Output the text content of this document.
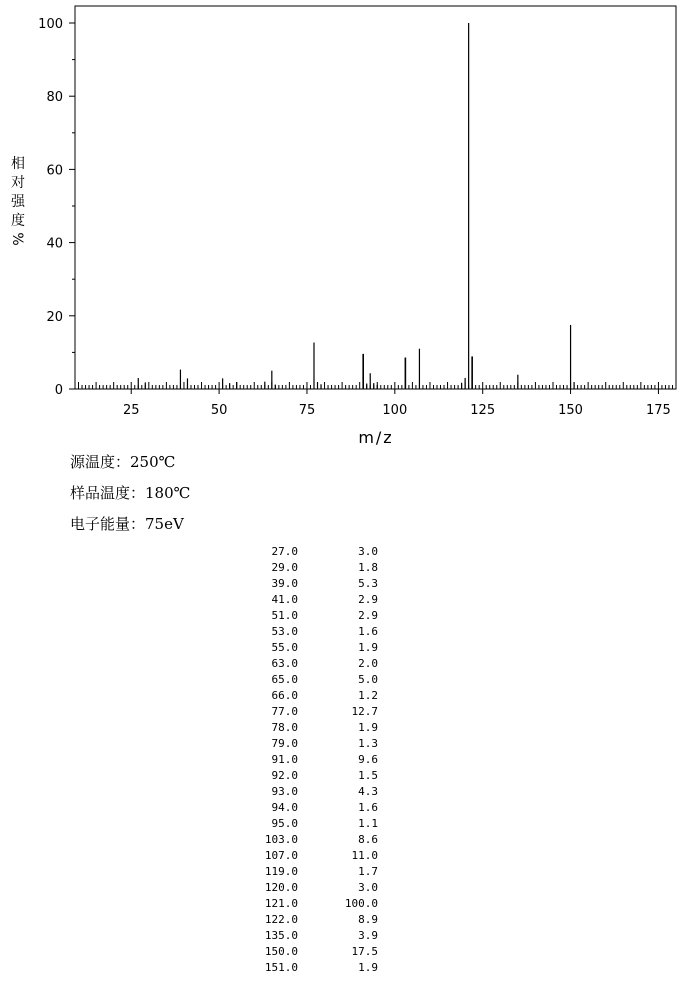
0
20
40
60
80
100
25	50	75	100	125	150	175
m/z
相
对
强
度
%
源温度：250℃
样品温度：180℃
电子能量：75eV
27.0	3.0
29.0	1.8
39.0	5.3
41.0	2.9
51.0	2.9
53.0	1.6
55.0	1.9
63.0	2.0
65.0	5.0
66.0	1.2
77.0	12.7
78.0	1.9
79.0	1.3
91.0	9.6
92.0	1.5
93.0	4.3
94.0	1.6
95.0	1.1
103.0	8.6
107.0	11.0
119.0	1.7
120.0	3.0
121.0	100.0
122.0	8.9
135.0	3.9
150.0	17.5
151.0	1.9
